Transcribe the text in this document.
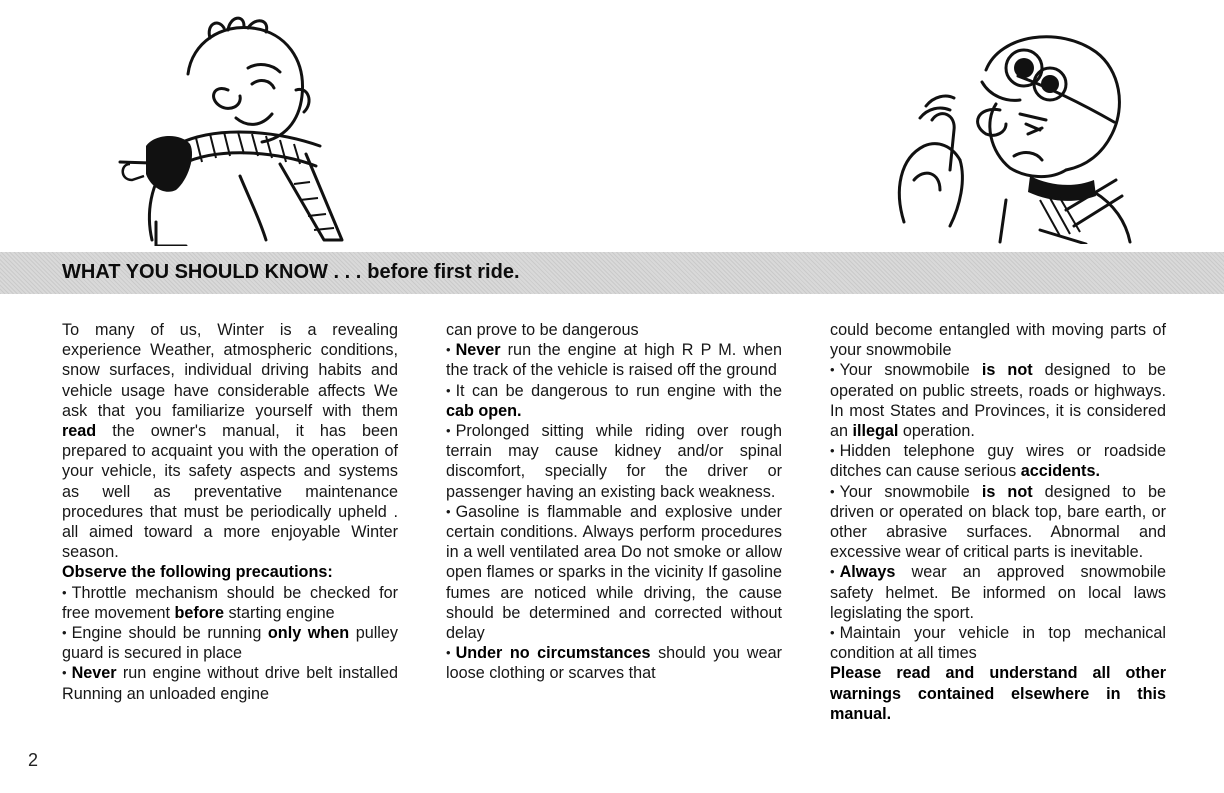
WHAT YOU SHOULD KNOW . . . before first ride.

To many of us, Winter is a revealing experience Weather, atmospheric conditions, snow surfaces, individual driving habits and vehicle usage have considerable affects We ask that you familiarize yourself with them read the owner's manual, it has been prepared to acquaint you with the operation of your vehicle, its safety aspects and systems as well as preventative maintenance procedures that must be periodically upheld . all aimed toward a more enjoyable Winter season.

Observe the following precautions:

• Throttle mechanism should be checked for free movement before starting engine

• Engine should be running only when pulley guard is secured in place

• Never run engine without drive belt installed Running an unloaded engine

can prove to be dangerous

• Never run the engine at high R P M. when the track of the vehicle is raised off the ground

• It can be dangerous to run engine with the cab open.

• Prolonged sitting while riding over rough terrain may cause kidney and/or spinal discomfort, specially for the driver or passenger having an existing back weakness.

• Gasoline is flammable and explosive under certain conditions. Always perform procedures in a well ventilated area Do not smoke or allow open flames or sparks in the vicinity If gasoline fumes are noticed while driving, the cause should be determined and corrected without delay

• Under no circumstances should you wear loose clothing or scarves that

could become entangled with moving parts of your snowmobile

• Your snowmobile is not designed to be operated on public streets, roads or highways. In most States and Provinces, it is considered an illegal operation.

• Hidden telephone guy wires or roadside ditches can cause serious accidents.

• Your snowmobile is not designed to be driven or operated on black top, bare earth, or other abrasive surfaces. Abnormal and excessive wear of critical parts is inevitable.

• Always wear an approved snowmobile safety helmet. Be informed on local laws legislating the sport.

• Maintain your vehicle in top mechanical condition at all times

Please read and understand all other warnings contained elsewhere in this manual.

2
